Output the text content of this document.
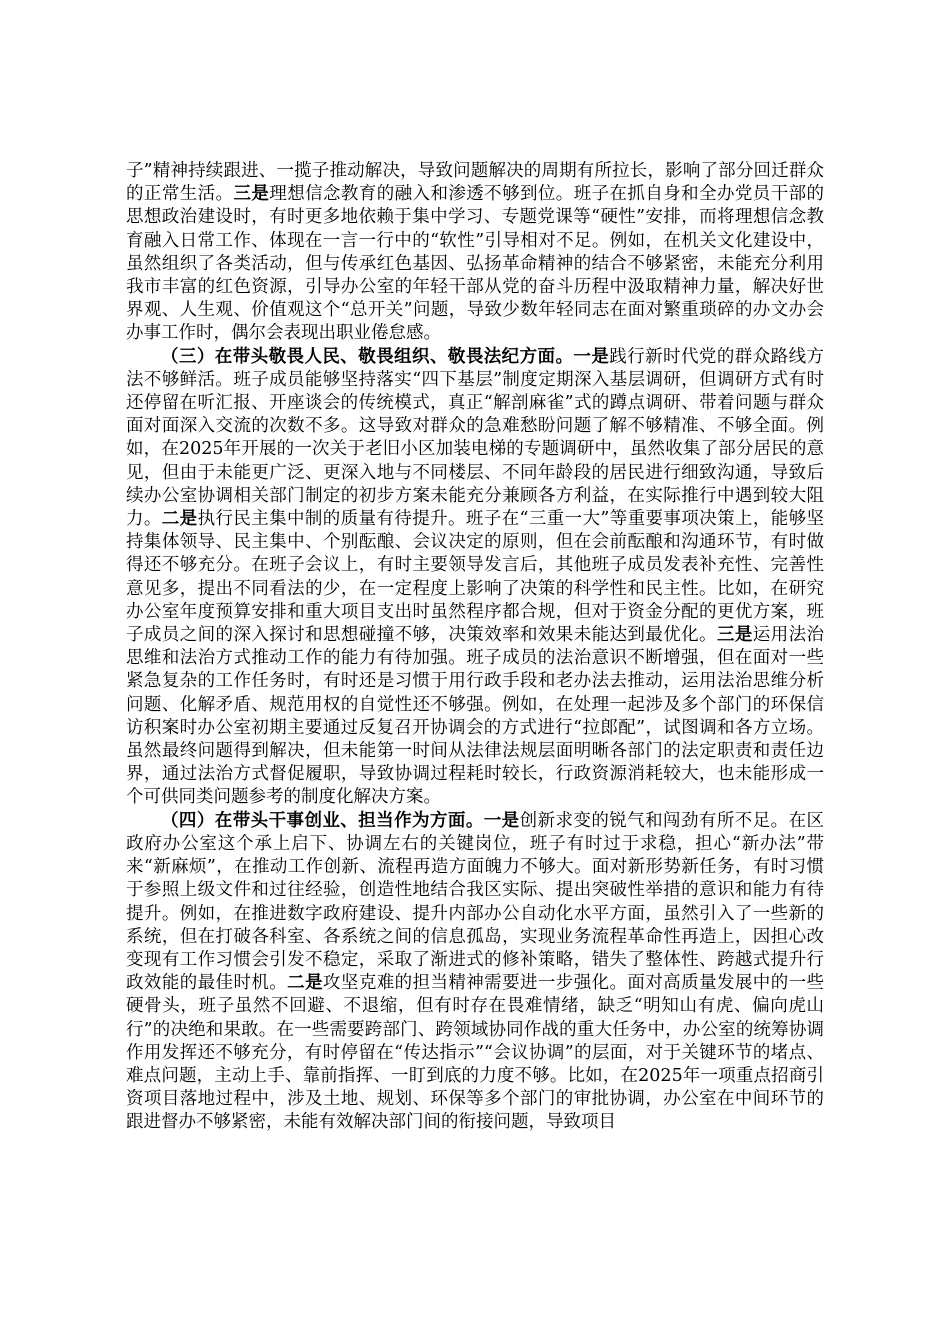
子”精神持续跟进、一揽子推动解决，导致问题解决的周期有所拉长，影响了部分回迁群众的正常生活。三是理想信念教育的融入和渗透不够到位。班子在抓自身和全办党员干部的思想政治建设时，有时更多地依赖于集中学习、专题党课等“硬性”安排，而将理想信念教育融入日常工作、体现在一言一行中的“软性”引导相对不足。例如，在机关文化建设中，虽然组织了各类活动，但与传承红色基因、弘扬革命精神的结合不够紧密，未能充分利用我市丰富的红色资源，引导办公室的年轻干部从党的奋斗历程中汲取精神力量，解决好世界观、人生观、价值观这个“总开关”问题，导致少数年轻同志在面对繁重琐碎的办文办会办事工作时，偶尔会表现出职业倦怠感。

（三）在带头敬畏人民、敬畏组织、敬畏法纪方面。一是践行新时代党的群众路线方法不够鲜活。班子成员能够坚持落实“四下基层”制度定期深入基层调研，但调研方式有时还停留在听汇报、开座谈会的传统模式，真正“解剖麻雀”式的蹲点调研、带着问题与群众面对面深入交流的次数不多。这导致对群众的急难愁盼问题了解不够精准、不够全面。例如，在2025年开展的一次关于老旧小区加装电梯的专题调研中，虽然收集了部分居民的意见，但由于未能更广泛、更深入地与不同楼层、不同年龄段的居民进行细致沟通，导致后续办公室协调相关部门制定的初步方案未能充分兼顾各方利益，在实际推行中遇到较大阻力。二是执行民主集中制的质量有待提升。班子在“三重一大”等重要事项决策上，能够坚持集体领导、民主集中、个别酝酿、会议决定的原则，但在会前酝酿和沟通环节，有时做得还不够充分。在班子会议上，有时主要领导发言后，其他班子成员发表补充性、完善性意见多，提出不同看法的少，在一定程度上影响了决策的科学性和民主性。比如，在研究办公室年度预算安排和重大项目支出时虽然程序都合规，但对于资金分配的更优方案，班子成员之间的深入探讨和思想碰撞不够，决策效率和效果未能达到最优化。三是运用法治思维和法治方式推动工作的能力有待加强。班子成员的法治意识不断增强，但在面对一些紧急复杂的工作任务时，有时还是习惯于用行政手段和老办法去推动，运用法治思维分析问题、化解矛盾、规范用权的自觉性还不够强。例如，在处理一起涉及多个部门的环保信访积案时办公室初期主要通过反复召开协调会的方式进行“拉郎配”，试图调和各方立场。虽然最终问题得到解决，但未能第一时间从法律法规层面明晰各部门的法定职责和责任边界，通过法治方式督促履职，导致协调过程耗时较长，行政资源消耗较大，也未能形成一个可供同类问题参考的制度化解决方案。

（四）在带头干事创业、担当作为方面。一是创新求变的锐气和闯劲有所不足。在区政府办公室这个承上启下、协调左右的关键岗位，班子有时过于求稳，担心“新办法”带来“新麻烦”，在推动工作创新、流程再造方面魄力不够大。面对新形势新任务，有时习惯于参照上级文件和过往经验，创造性地结合我区实际、提出突破性举措的意识和能力有待提升。例如，在推进数字政府建设、提升内部办公自动化水平方面，虽然引入了一些新的系统，但在打破各科室、各系统之间的信息孤岛，实现业务流程革命性再造上，因担心改变现有工作习惯会引发不稳定，采取了渐进式的修补策略，错失了整体性、跨越式提升行政效能的最佳时机。二是攻坚克难的担当精神需要进一步强化。面对高质量发展中的一些硬骨头，班子虽然不回避、不退缩，但有时存在畏难情绪，缺乏“明知山有虎、偏向虎山行”的决绝和果敢。在一些需要跨部门、跨领域协同作战的重大任务中，办公室的统筹协调作用发挥还不够充分，有时停留在“传达指示”“会议协调”的层面，对于关键环节的堵点、难点问题，主动上手、靠前指挥、一盯到底的力度不够。比如，在2025年一项重点招商引资项目落地过程中，涉及土地、规划、环保等多个部门的审批协调，办公室在中间环节的跟进督办不够紧密，未能有效解决部门间的衔接问题，导致项目
